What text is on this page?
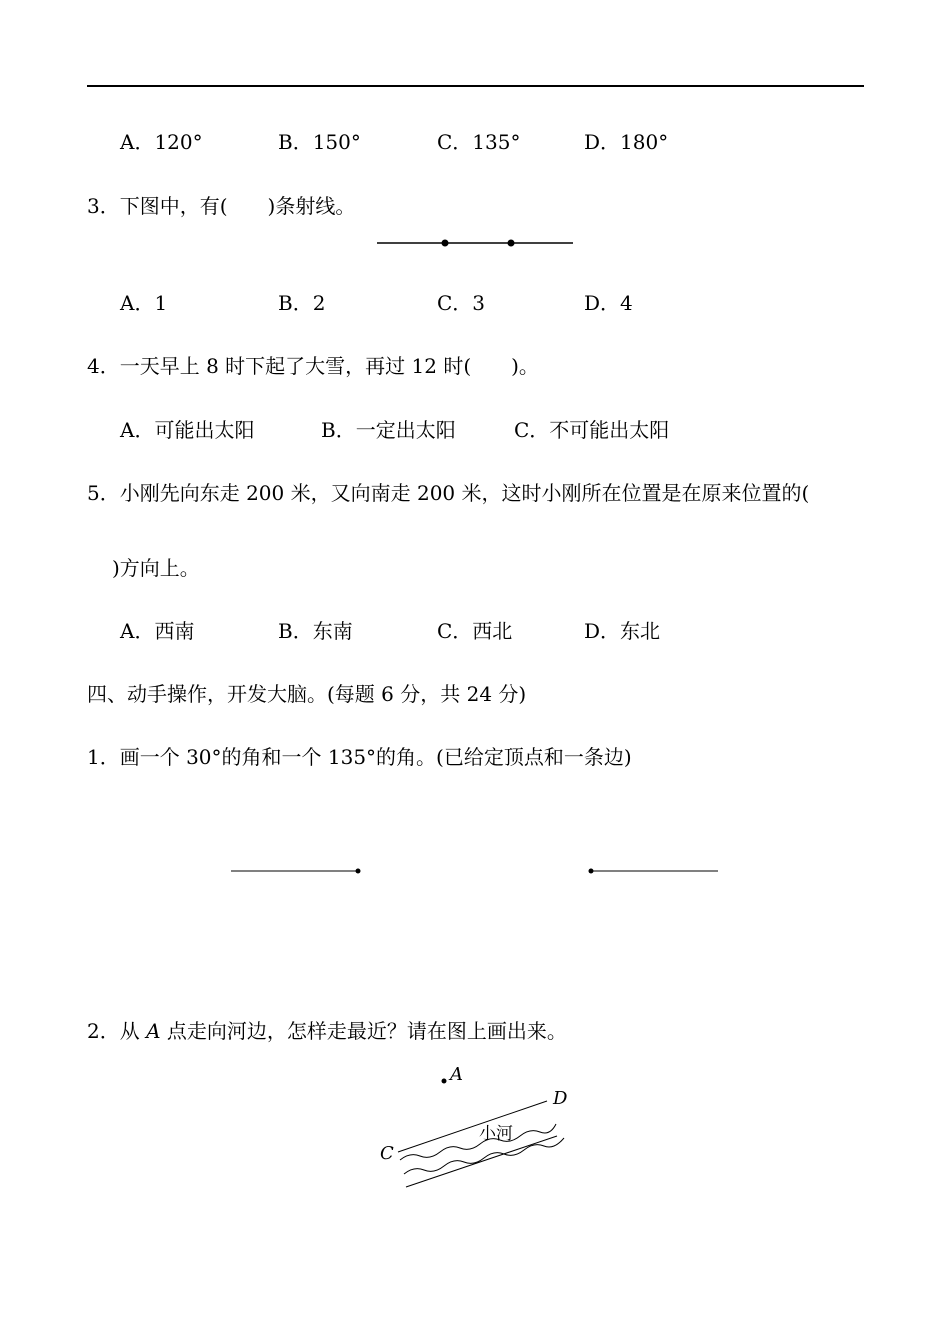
A．120°	B．150°	C．135°	D．180°
3．下图中，有(　　)条射线。
A．1	B．2	C．3	D．4
4．一天早上 8 时下起了大雪，再过 12 时(　　)。
A．可能出太阳	B．一定出太阳	C．不可能出太阳
5．小刚先向东走 200 米，又向南走 200 米，这时小刚所在位置是在原来位置的(
)方向上。
A．西南	B．东南	C．西北	D．东北
四、动手操作，开发大脑。(每题 6 分，共 24 分)
1．画一个 30°的角和一个 135°的角。(已给定顶点和一条边)
2．从 A 点走向河边，怎样走最近？请在图上画出来。
A
D
C
小河
